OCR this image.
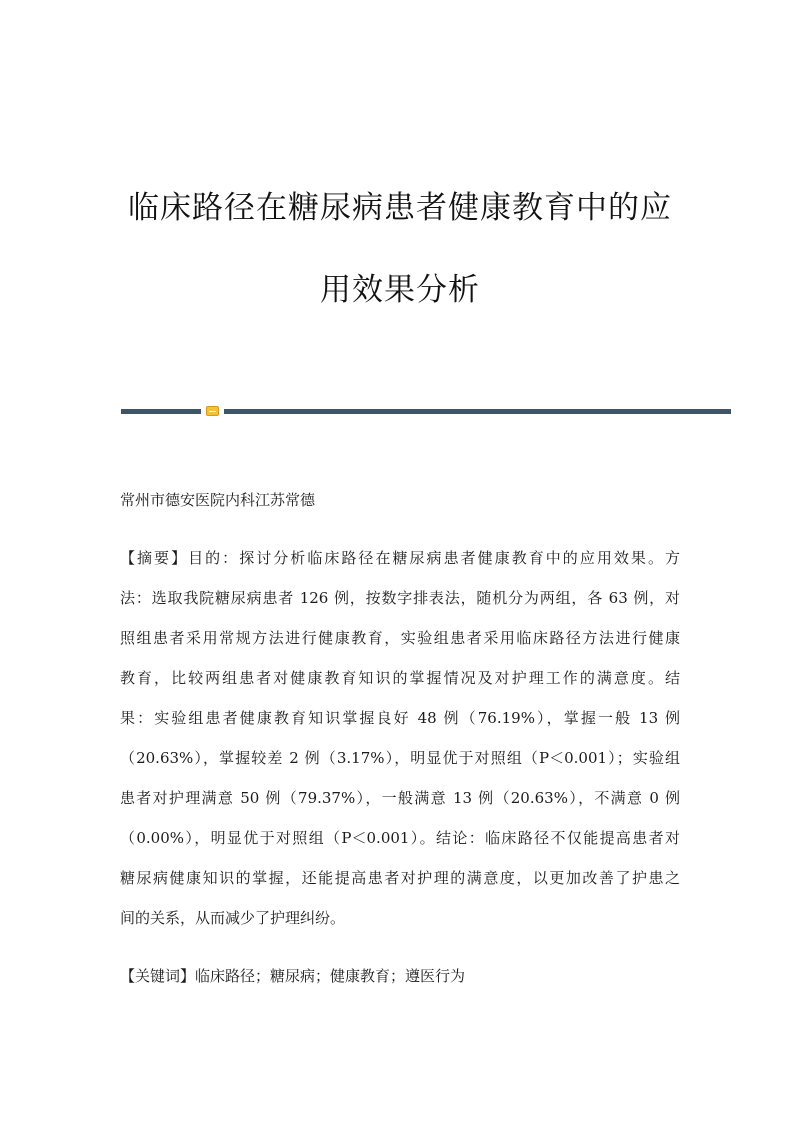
临床路径在糖尿病患者健康教育中的应
用效果分析
常州市德安医院内科江苏常德
【摘要】目的：探讨分析临床路径在糖尿病患者健康教育中的应用效果。方
法：选取我院糖尿病患者 126 例，按数字排表法，随机分为两组，各 63 例，对
照组患者采用常规方法进行健康教育，实验组患者采用临床路径方法进行健康
教育，比较两组患者对健康教育知识的掌握情况及对护理工作的满意度。结
果：实验组患者健康教育知识掌握良好 48 例（76.19%），掌握一般 13 例
（20.63%），掌握较差 2 例（3.17%），明显优于对照组（P＜0.001）；实验组
患者对护理满意 50 例（79.37%），一般满意 13 例（20.63%），不满意 0 例
（0.00%），明显优于对照组（P＜0.001）。结论：临床路径不仅能提高患者对
糖尿病健康知识的掌握，还能提高患者对护理的满意度，以更加改善了护患之
间的关系，从而减少了护理纠纷。
【关键词】临床路径；糖尿病；健康教育；遵医行为
